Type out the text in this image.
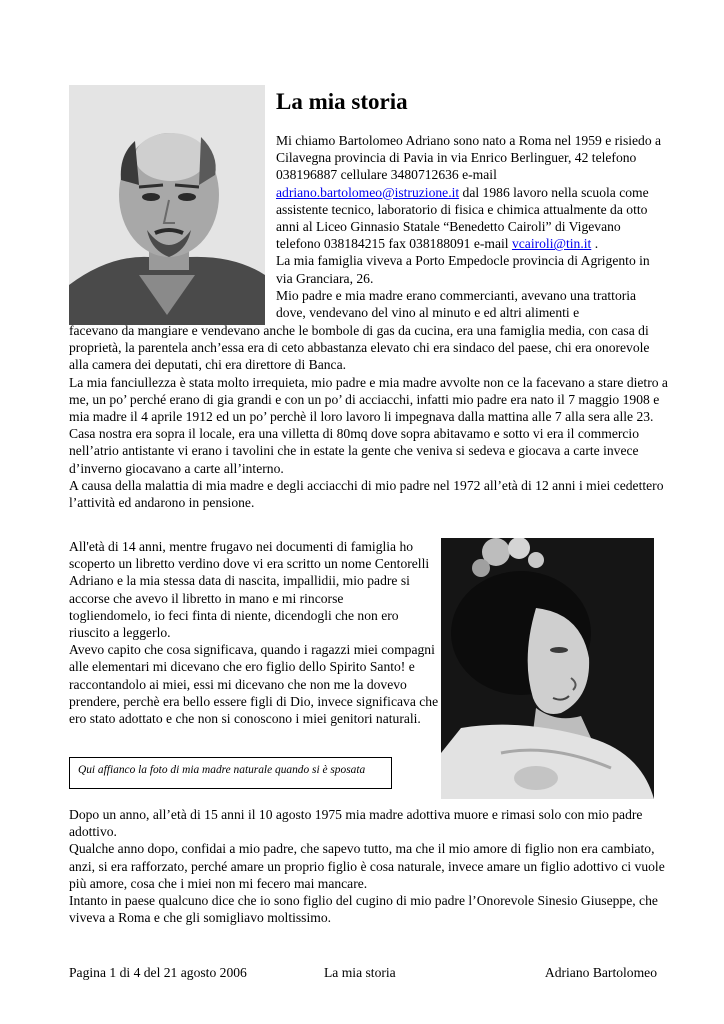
La mia storia

Mi chiamo Bartolomeo Adriano sono nato a Roma nel 1959 e risiedo a Cilavegna provincia di Pavia in via Enrico Berlinguer, 42 telefono 038196887 cellulare 3480712636 e-mail adriano.bartolomeo@istruzione.it dal 1986 lavoro nella scuola come assistente tecnico, laboratorio di fisica e chimica attualmente da otto anni al Liceo Ginnasio Statale “Benedetto Cairoli” di Vigevano telefono 038184215 fax 038188091 e-mail vcairoli@tin.it .

La mia famiglia viveva a Porto Empedocle provincia di Agrigento in via Granciara, 26.

Mio padre e mia madre erano commercianti, avevano una trattoria dove, vendevano del vino al minuto e ed altri alimenti e

facevano da mangiare e vendevano anche le bombole di gas da cucina, era una famiglia media, con casa di proprietà, la parentela anch’essa era di ceto abbastanza elevato chi era sindaco del paese, chi era onorevole alla camera dei deputati, chi era direttore di Banca.

La mia fanciullezza è stata molto irrequieta, mio padre e mia madre avvolte non ce la facevano a stare dietro a me, un po’ perché erano di gia grandi e con un po’ di acciacchi, infatti mio padre era nato il 7 maggio 1908 e mia madre il 4 aprile 1912 ed un po’ perchè il loro lavoro li impegnava dalla mattina alle 7 alla sera alle 23.

Casa nostra era sopra il locale, era una villetta di 80mq dove sopra abitavamo e sotto vi era il commercio nell’atrio antistante vi erano i tavolini che in estate la gente che veniva si sedeva e giocava a carte invece d’inverno giocavano a carte all’interno.

A causa della malattia di mia madre e degli acciacchi di mio padre nel 1972 all’età di 12 anni i miei cedettero l’attività ed andarono in pensione.

All'età di 14 anni, mentre frugavo nei documenti di famiglia ho scoperto un libretto verdino dove vi era scritto un nome Centorelli Adriano e la mia stessa data di nascita, impallidii, mio padre si accorse che avevo il libretto in mano e mi rincorse

togliendomelo, io feci finta di niente, dicendogli che non ero riuscito a leggerlo.

Avevo capito che cosa significava, quando i ragazzi miei compagni alle elementari mi dicevano che ero figlio dello Spirito Santo! e raccontandolo ai miei, essi mi dicevano che non me la dovevo prendere, perchè era bello essere figli di Dio, invece significava che ero stato adottato e che non si conoscono i miei genitori naturali.

Qui affianco la foto di mia madre naturale quando si è sposata

Dopo un anno, all’età di 15 anni il 10 agosto 1975 mia madre adottiva muore e rimasi solo con mio padre adottivo.

Qualche anno dopo, confidai a mio padre, che sapevo tutto, ma che il mio amore di figlio non era cambiato, anzi, si era rafforzato, perché amare un proprio figlio è cosa naturale, invece amare un figlio adottivo ci vuole più amore, cosa che i miei non mi fecero mai mancare.

Intanto in paese qualcuno dice che io sono figlio del cugino di mio padre l’Onorevole Sinesio Giuseppe, che viveva a Roma e che gli somigliavo moltissimo.

Pagina 1 di 4 del 21 agosto 2006	La mia storia	Adriano Bartolomeo
